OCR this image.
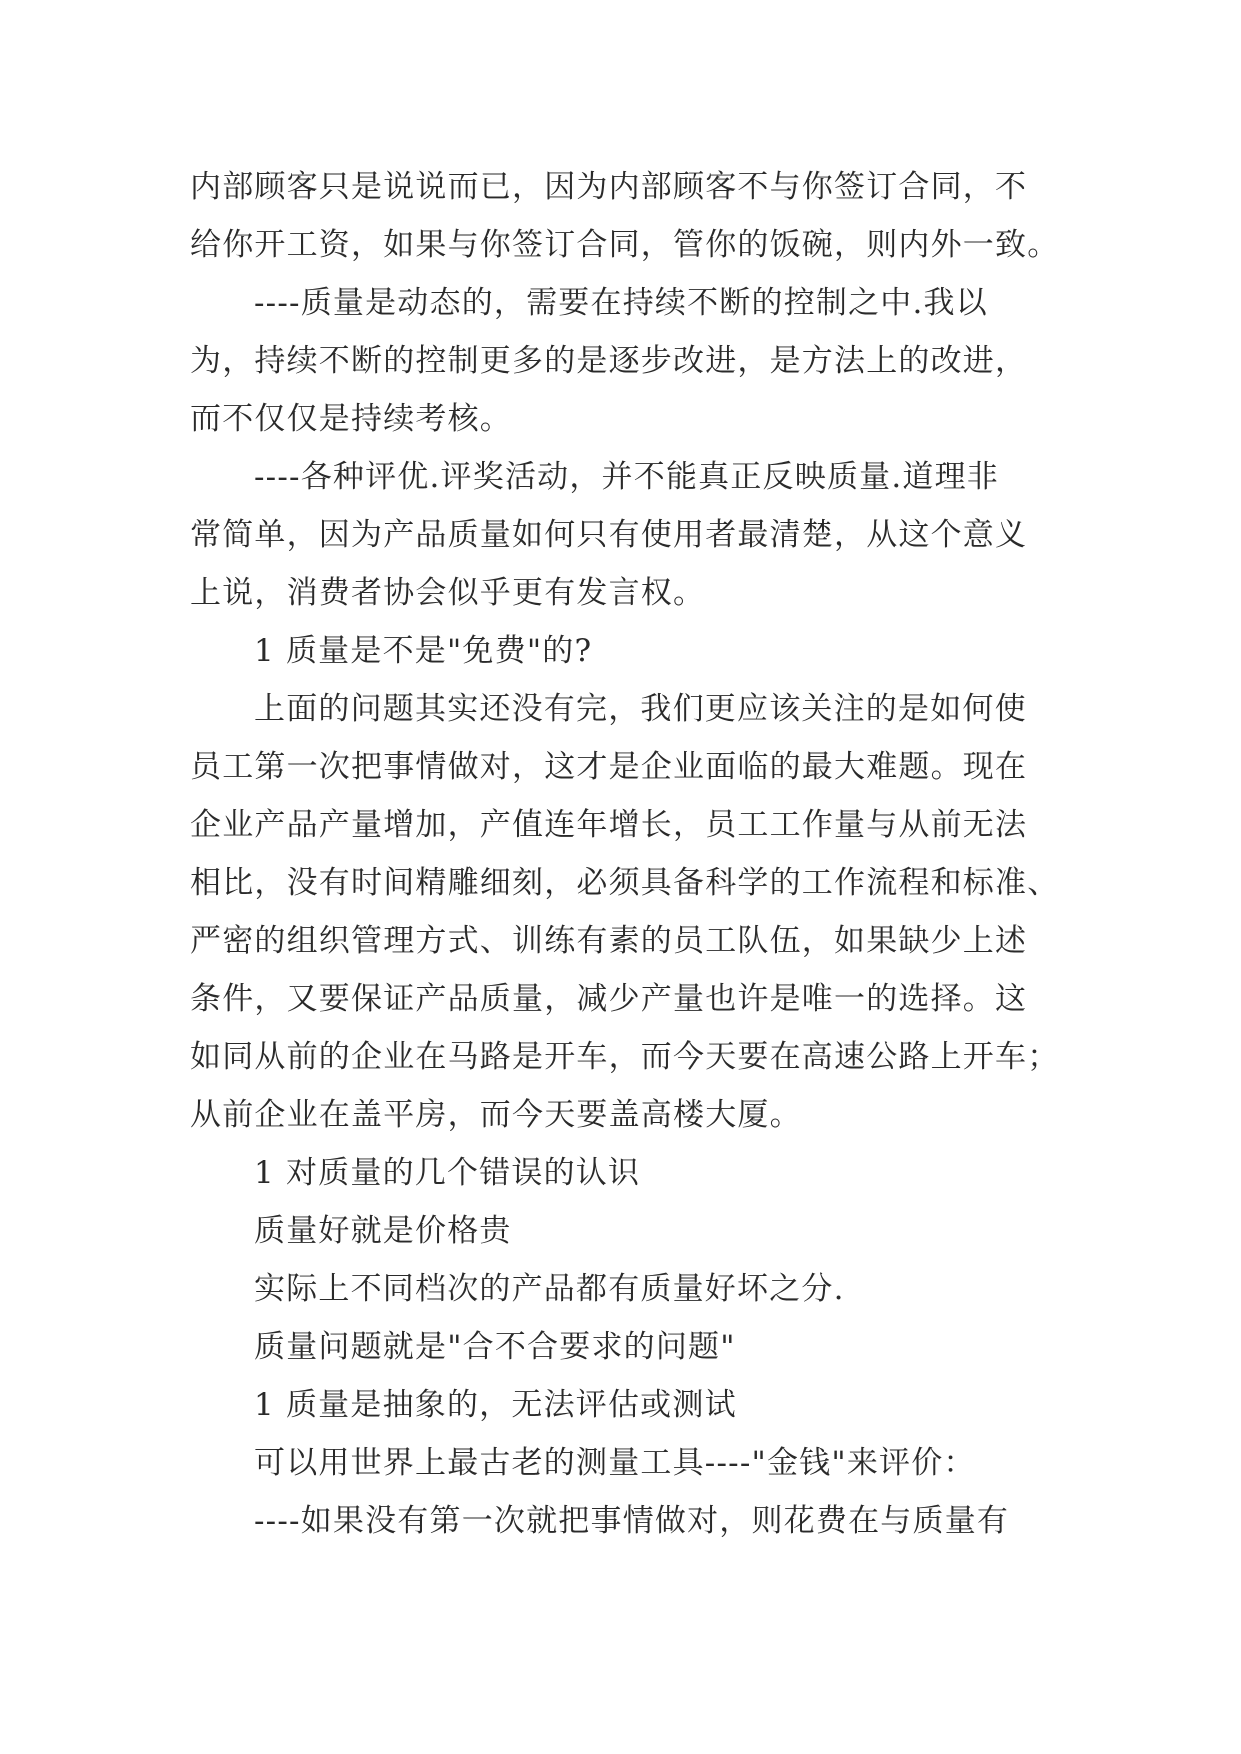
内部顾客只是说说而已，因为内部顾客不与你签订合同，不
给你开工资，如果与你签订合同，管你的饭碗，则内外一致。
----质量是动态的，需要在持续不断的控制之中.我以
为，持续不断的控制更多的是逐步改进，是方法上的改进，
而不仅仅是持续考核。
----各种评优.评奖活动，并不能真正反映质量.道理非
常简单，因为产品质量如何只有使用者最清楚，从这个意义
上说，消费者协会似乎更有发言权。
1 质量是不是"免费"的?
上面的问题其实还没有完，我们更应该关注的是如何使
员工第一次把事情做对，这才是企业面临的最大难题。现在
企业产品产量增加，产值连年增长，员工工作量与从前无法
相比，没有时间精雕细刻，必须具备科学的工作流程和标准、
严密的组织管理方式、训练有素的员工队伍，如果缺少上述
条件，又要保证产品质量，减少产量也许是唯一的选择。这
如同从前的企业在马路是开车，而今天要在高速公路上开车；
从前企业在盖平房，而今天要盖高楼大厦。
1 对质量的几个错误的认识
质量好就是价格贵
实际上不同档次的产品都有质量好坏之分.
质量问题就是"合不合要求的问题"
1 质量是抽象的，无法评估或测试
可以用世界上最古老的测量工具----"金钱"来评价：
----如果没有第一次就把事情做对，则花费在与质量有
